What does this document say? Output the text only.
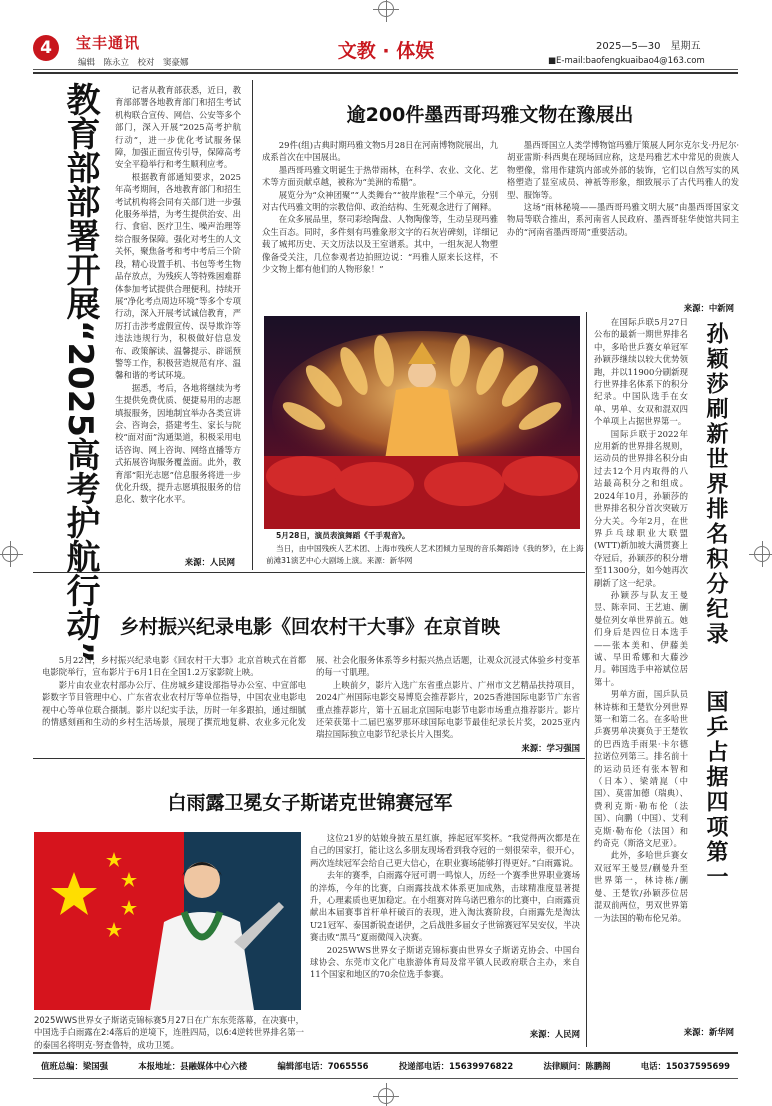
4	宝丰通讯
编辑　陈永立　校对　窦豪娜
文教 · 体娱	2025—5—30　星期五
■E-mail:baofengkuaibao4@163.com
教育部部署开展“2025高考护航行动”	记者从教育部获悉，近日，教育部部署各地教育部门和招生考试机构联合宣传、网信、公安等多个部门，深入开展“2025高考护航行动”，进一步优化考试服务保障，加强正面宣传引导，保障高考安全平稳举行和考生顺利应考。

根据教育部通知要求，2025年高考期间，各地教育部门和招生考试机构将会同有关部门进一步强化服务举措，为考生提供治安、出行、食宿、医疗卫生、噪声治理等综合服务保障。强化对考生的人文关怀，聚焦备考和考中考后三个阶段，精心设置手机、书包等考生物品存放点，为残疾人等特殊困难群体参加考试提供合理便利。持续开展“净化考点周边环境”等多个专项行动，深入开展考试诚信教育，严厉打击涉考虚假宣传、误导欺诈等违法违规行为，积极做好信息发布、政策解读、温馨提示、辟谣预警等工作，积极营造规范有序、温馨和谐的考试环境。

据悉，考后，各地将继续为考生提供免费优质、便捷易用的志愿填报服务，因地制宜举办各类宣讲会、咨询会，搭建考生、家长与院校“面对面”沟通渠道，积极采用电话咨询、网上咨询、网络直播等方式拓展咨询服务覆盖面。此外，教育部“阳光志愿”信息服务将进一步优化升级，提升志愿填报服务的信息化、数字化水平。

来源：人民网
逾200件墨西哥玛雅文物在豫展出

29件(组)古典时期玛雅文物5月28日在河南博物院展出，九成系首次在中国展出。

墨西哥玛雅文明诞生于热带雨林，在科学、农业、文化、艺术等方面贡献卓越，被称为“美洲的希腊”。

展览分为“众神团聚”“人类舞台”“彼岸旅程”三个单元，分别对古代玛雅文明的宗教信仰、政治结构、生死观念进行了阐释。

在众多展品里，祭司彩绘陶盘、人物陶像等，生动呈现玛雅众生百态。同时，多件刻有玛雅象形文字的石灰岩碑刻，详细记载了城邦历史、天文历法以及王室谱系。其中，一组灰泥人物塑像备受关注，几位参观者边拍照边说：“玛雅人原来长这样，不少文物上都有他们的人物形象！”

墨西哥国立人类学博物馆玛雅厅策展人阿尔克尔戈·丹尼尔·胡亚雷斯·科西奥在现场回应称，这是玛雅艺术中常见的贵族人物塑像，常用作建筑内部或外部的装饰，它们以自然写实的风格塑造了显室成员、神祇等形象，细致展示了古代玛雅人的发型、服饰等。

这场“雨林秘境——墨西哥玛雅文明大展”由墨西哥国家文物局等联合推出，系河南省人民政府、墨西哥驻华使馆共同主办的“河南省墨西哥周”重要活动。

来源：中新网
5月28日，演员表演舞蹈《千手观音》。
当日，由中国残疾人艺术团、上海市残疾人艺术团倾力呈现的音乐舞蹈诗《我的梦》，在上海前滩31演艺中心大剧场上演。来源：新华网

在国际乒联5月27日公布的最新一期世界排名中，多哈世乒赛女单冠军孙颖莎继续以较大优势领跑，并以11900分刷新现行世界排名体系下的积分纪录。中国队选手在女单、男单、女双和混双四个单项上占据世界第一。

国际乒联于2022年应用新的世界排名规则，运动员的世界排名积分由过去12个月内取得的八站最高积分之和组成。2024年10月，孙颖莎的世界排名积分首次突破万分大关。今年2月，在世界乒乓球职业大联盟(WTT)新加坡大满贯赛上夺冠后，孙颖莎的积分增至11300分，如今她再次刷新了这一纪录。

孙颖莎与队友王曼昱、陈幸同、王艺迪、蒯曼位列女单世界前五。她们身后是四位日本选手——张本美和、伊藤美诚、早田希娜和大藤沙月。韩国选手申裕斌位居第十。

男单方面，国乒队员林诗栋和王楚钦分列世界第一和第二名。在多哈世乒赛男单决赛负于王楚钦的巴西选手雨果·卡尔德拉诺位列第三。排名前十的运动员还有张本智和（日本）、梁靖崑（中国）、莫雷加德（瑞典）、费利克斯·勒布伦（法国）、向鹏（中国）、艾利克斯·勒布伦（法国）和约奇克（斯洛文尼亚）。

此外，多哈世乒赛女双冠军王曼昱/蒯曼升至世界第一，林诗栋/蒯曼、王楚钦/孙颖莎位居混双前两位，男双世界第一为法国的勒布伦兄弟。

孙颖莎刷新世界排名积分纪录
国乒占据四项第一
来源：新华网
乡村振兴纪录电影《回农村干大事》在京首映

5月22日，乡村振兴纪录电影《回农村干大事》北京首映式在首都电影院举行，宣布影片于6月1日在全国1.2万家影院上映。

影片由农业农村部办公厅、住房城乡建设部指导办公室、中宣部电影数字节目管理中心、广东省农业农村厅等单位指导，中国农业电影电视中心等单位联合摄制。影片以纪实手法，历时一年多跟拍，通过细腻的情感刻画和生动的乡村生活场景，展现了撰荒地复耕、农业多元化发展、社会化服务体系等乡村振兴热点话题，让观众沉浸式体验乡村变革的每一寸肌理。

上映前夕，影片入选广东省重点影片、广州市文艺精品扶持项目，2024广州国际电影交易博览会推荐影片，2025香港国际电影节广东省重点推荐影片，第十五届北京国际电影节电影市场重点推荐影片。影片还荣获第十二届巴塞罗那环球国际电影节最佳纪录长片奖，2025亚内瑞拉国际独立电影节纪录长片入围奖。

来源：学习强国
白雨露卫冕女子斯诺克世锦赛冠军
2025WWS世界女子斯诺克锦标赛5月27日在广东东莞落幕，在决赛中，中国选手白雨露在2:4落后的逆境下，连胜四局，以6:4逆转世界排名第一的泰国名将明克·努查鲁特，成功卫冕。

这位21岁的姑娘身披五星红旗，捧起冠军奖杯。“我觉得两次都是在自己的国家打，能让这么多朋友现场看到我夺冠的一刻很荣幸，很开心，两次连续冠军会给自己更大信心，在职业赛场能够打得更好。”白雨露说。

去年的赛季，白雨露夺冠可谓一鸣惊人，历经一个赛季世界职业赛场的淬炼，今年的比赛，白雨露技战术体系更加成熟，击球精准度显著提升，心理素质也更加稳定。在小组赛对阵乌诺巴雅尔的比赛中，白雨露贡献出本届赛事首杆单杆破百的表现，进入淘汰赛阶段，白雨露先是淘汰U21冠军、泰国新锐查诺伊，之后战胜多届女子世锦赛冠军吴安仪，半决赛击败“黑马”夏雨微闯入决赛。

2025WWS世界女子斯诺克锦标赛由世界女子斯诺克协会、中国台球协会、东莞市文化广电旅游体育局及常平镇人民政府联合主办，来自11个国家和地区的70余位选手参赛。

来源：人民网
值班总编：梁国强	本报地址：县融媒体中心六楼	编辑部电话：7065556	投递部电话：15639976822	法律顾问：陈鹏阁	电话：15037595699
